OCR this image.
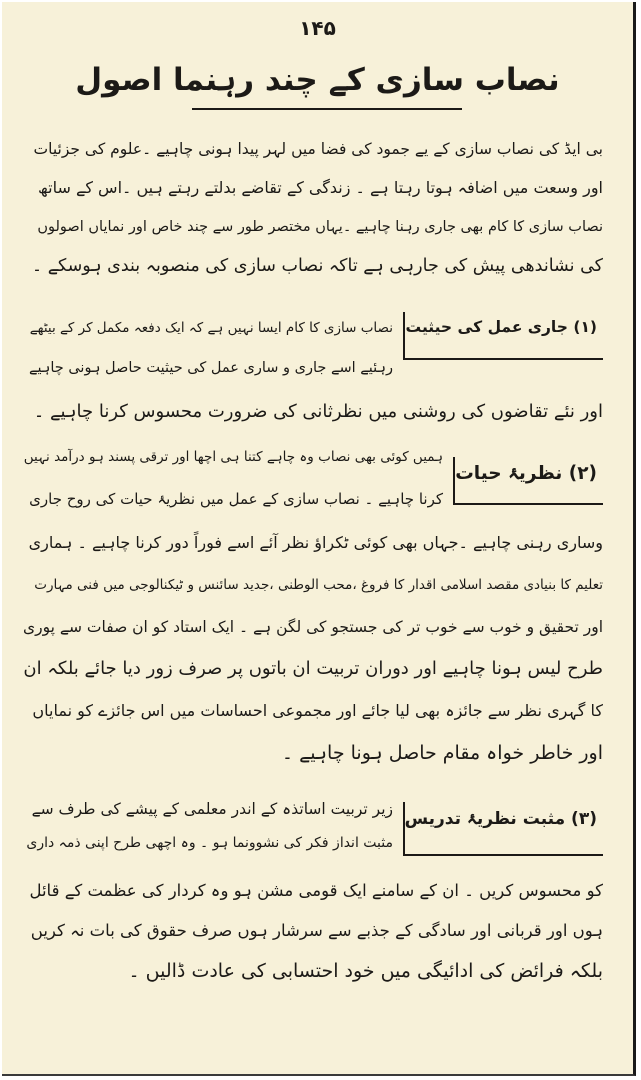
۱۴۵
نصاب سازی کے چند رہنما اصول
بی ایڈ کی نصاب سازی کے یے جمود کی فضا میں لہر پیدا ہونی چاہیے ۔علوم کی جزئیات
اور وسعت میں اضافہ ہوتا رہتا ہے ۔ زندگی کے تقاضے بدلتے رہتے ہیں ۔اس کے ساتھ
نصاب سازی کا کام بھی جاری رہنا چاہیے ۔یہاں مختصر طور سے چند خاص اور نمایاں اصولوں
کی نشاندھی پیش کی جارہی ہے تاکہ نصاب سازی کی منصوبہ بندی ہوسکے ۔
(۱) جاری عمل کی حیثیت
نصاب سازی کا کام ایسا نہیں ہے کہ ایک دفعہ مکمل کر کے بیٹھے
رہئیے اسے جاری و ساری عمل کی حیثیت حاصل ہونی چاہیے
اور نئے تقاضوں کی روشنی میں نظرثانی کی ضرورت محسوس کرنا چاہیے ۔
(۲) نظریۂ حیات
ہمیں کوئی بھی نصاب وہ چاہے کتنا ہی اچھا اور ترقی پسند ہو درآمد نہیں
کرنا چاہیے ۔ نصاب سازی کے عمل میں نظریۂ حیات کی روح جاری
وساری رہنی چاہیے ۔جہاں بھی کوئی ٹکراؤ نظر آئے اسے فوراً دور کرنا چاہیے ۔ ہماری
تعلیم کا بنیادی مقصد اسلامی اقدار کا فروغ ،محب الوطنی ،جدید سائنس و ٹیکنالوجی میں فنی مہارت
اور تحقیق و خوب سے خوب تر کی جستجو کی لگن ہے ۔ ایک استاد کو ان صفات سے پوری
طرح لیس ہونا چاہیے اور دوران تربیت ان باتوں پر صرف زور دیا جائے بلکہ ان
کا گہری نظر سے جائزہ بھی لیا جائے اور مجموعی احساسات میں اس جائزے کو نمایاں
اور خاطر خواہ مقام حاصل ہونا چاہیے ۔
(۳) مثبت نظریۂ تدریس
زیر تربیت اساتذہ کے اندر معلمی کے پیشے کی طرف سے
مثبت انداز فکر کی نشوونما ہو ۔ وہ اچھی طرح اپنی ذمہ داری
کو محسوس کریں ۔ ان کے سامنے ایک قومی مشن ہو وہ کردار کی عظمت کے قائل
ہوں اور قربانی اور سادگی کے جذبے سے سرشار ہوں صرف حقوق کی بات نہ کریں
بلکہ فرائض کی ادائیگی میں خود احتسابی کی عادت ڈالیں ۔
